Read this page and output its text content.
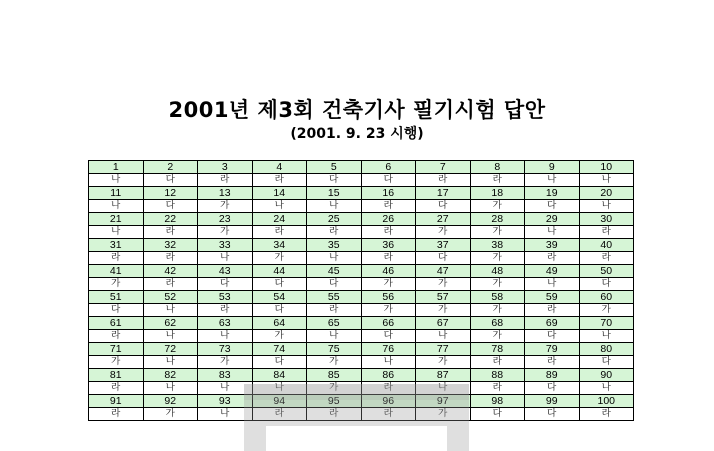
2001년 제3회 건축기사 필기시험 답안
(2001. 9. 23 시행)
1	2	3	4	5	6	7	8	9	10
나	다	라	라	다	다	라	라	나	나
11	12	13	14	15	16	17	18	19	20
나	다	가	나	나	라	다	가	다	나
21	22	23	24	25	26	27	28	29	30
나	라	가	라	라	라	가	가	나	라
31	32	33	34	35	36	37	38	39	40
라	라	나	가	나	라	다	가	라	라
41	42	43	44	45	46	47	48	49	50
가	라	다	다	다	가	가	가	나	다
51	52	53	54	55	56	57	58	59	60
다	나	라	다	라	가	가	가	라	가
61	62	63	64	65	66	67	68	69	70
라	나	나	가	나	다	나	가	다	나
71	72	73	74	75	76	77	78	79	80
가	나	가	다	가	나	가	라	라	다
81	82	83	84	85	86	87	88	89	90
라	나	나	나	가	라	나	라	다	나
91	92	93	94	95	96	97	98	99	100
라	가	나	라	라	라	가	다	다	라
